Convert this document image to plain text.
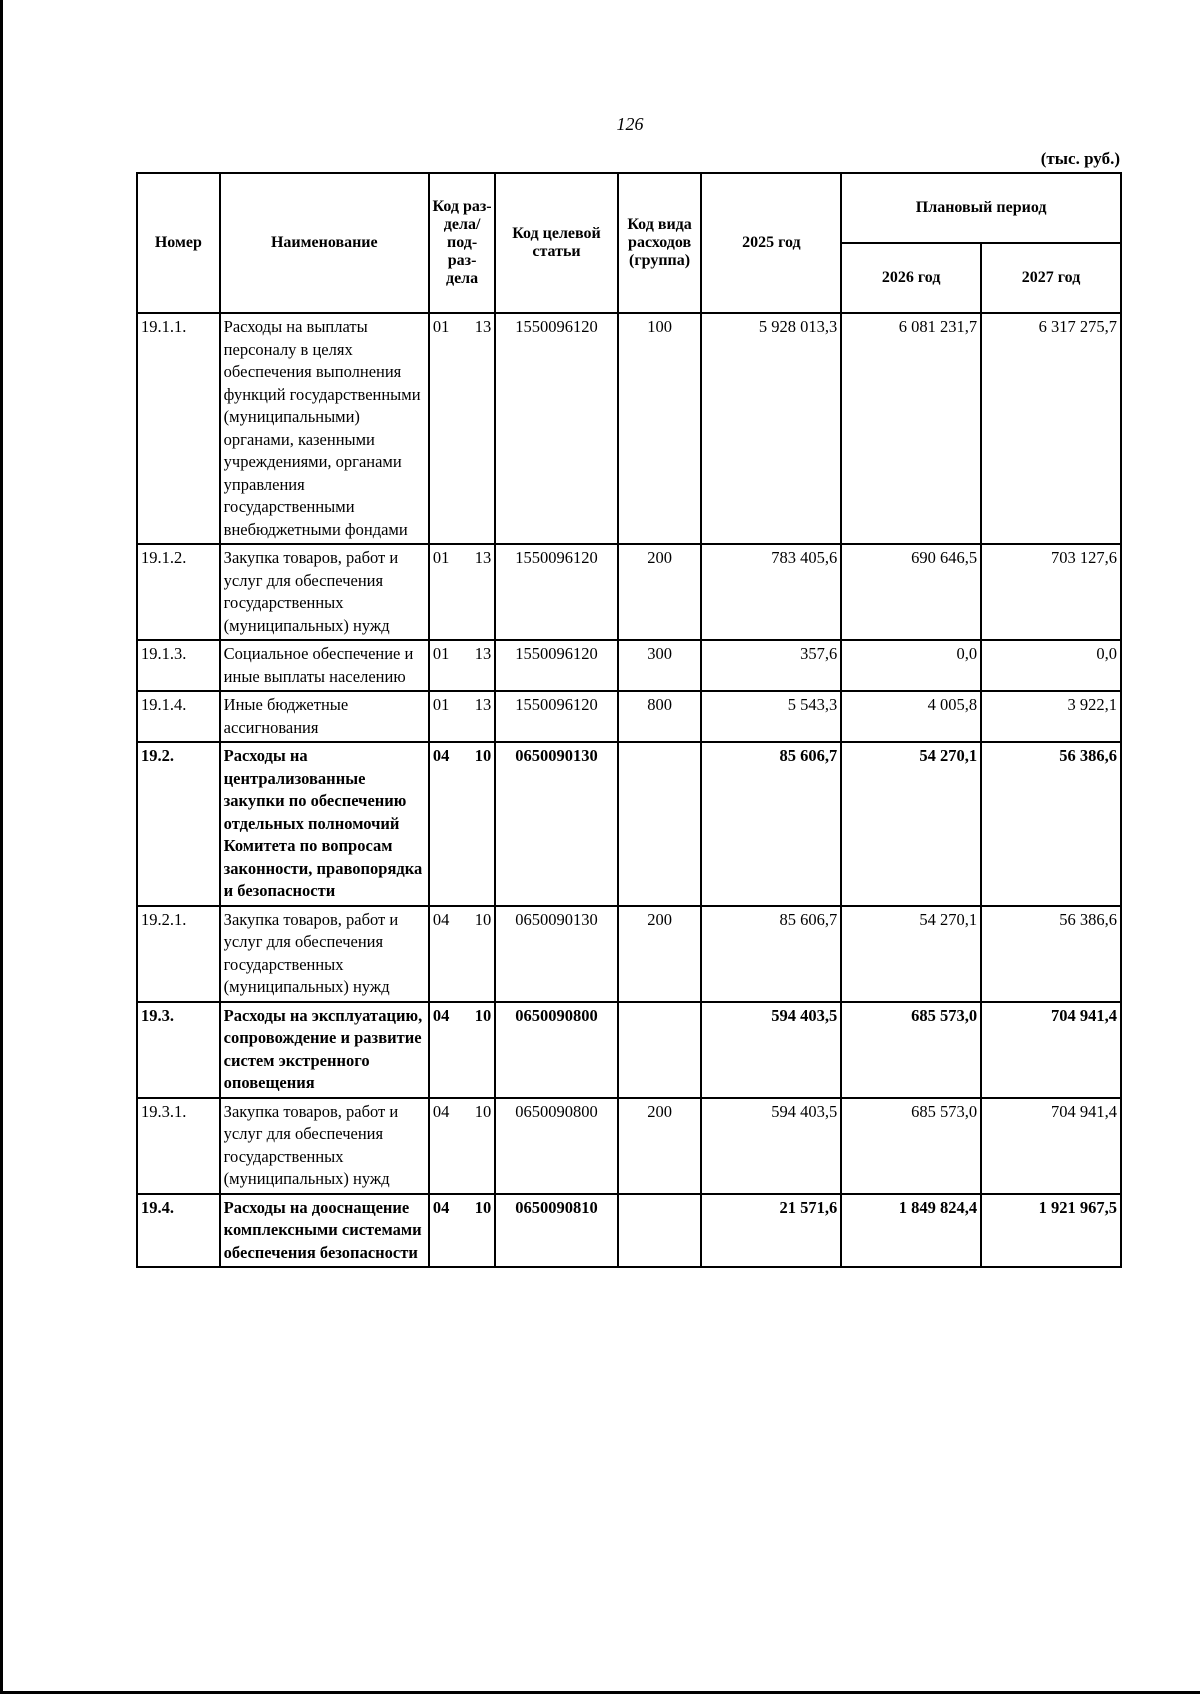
126
(тыс. руб.)
Номер	Наименование	Код раз- дела/ под- раз- дела	Код целевой статьи	Код вида расходов (группа)	2025 год	Плановый период	
						2026 год	2027 год
19.1.1.	Расходы на выплаты персоналу в целях обеспечения выполнения функций государственными (муниципальными) органами, казенными учреждениями, органами управления государственными внебюджетными фондами	01 13	1550096120	100	5 928 013,3	6 081 231,7	6 317 275,7
19.1.2.	Закупка товаров, работ и услуг для обеспечения государственных (муниципальных) нужд	01 13	1550096120	200	783 405,6	690 646,5	703 127,6
19.1.3.	Социальное обеспечение и иные выплаты населению	01 13	1550096120	300	357,6	0,0	0,0
19.1.4.	Иные бюджетные ассигнования	01 13	1550096120	800	5 543,3	4 005,8	3 922,1
19.2.	Расходы на централизованные закупки по обеспечению отдельных полномочий Комитета по вопросам законности, правопорядка и безопасности	04 10	0650090130		85 606,7	54 270,1	56 386,6
19.2.1.	Закупка товаров, работ и услуг для обеспечения государственных (муниципальных) нужд	04 10	0650090130	200	85 606,7	54 270,1	56 386,6
19.3.	Расходы на эксплуатацию, сопровождение и развитие систем экстренного оповещения	04 10	0650090800		594 403,5	685 573,0	704 941,4
19.3.1.	Закупка товаров, работ и услуг для обеспечения государственных (муниципальных) нужд	04 10	0650090800	200	594 403,5	685 573,0	704 941,4
19.4.	Расходы на дооснащение комплексными системами обеспечения безопасности	04 10	0650090810		21 571,6	1 849 824,4	1 921 967,5
